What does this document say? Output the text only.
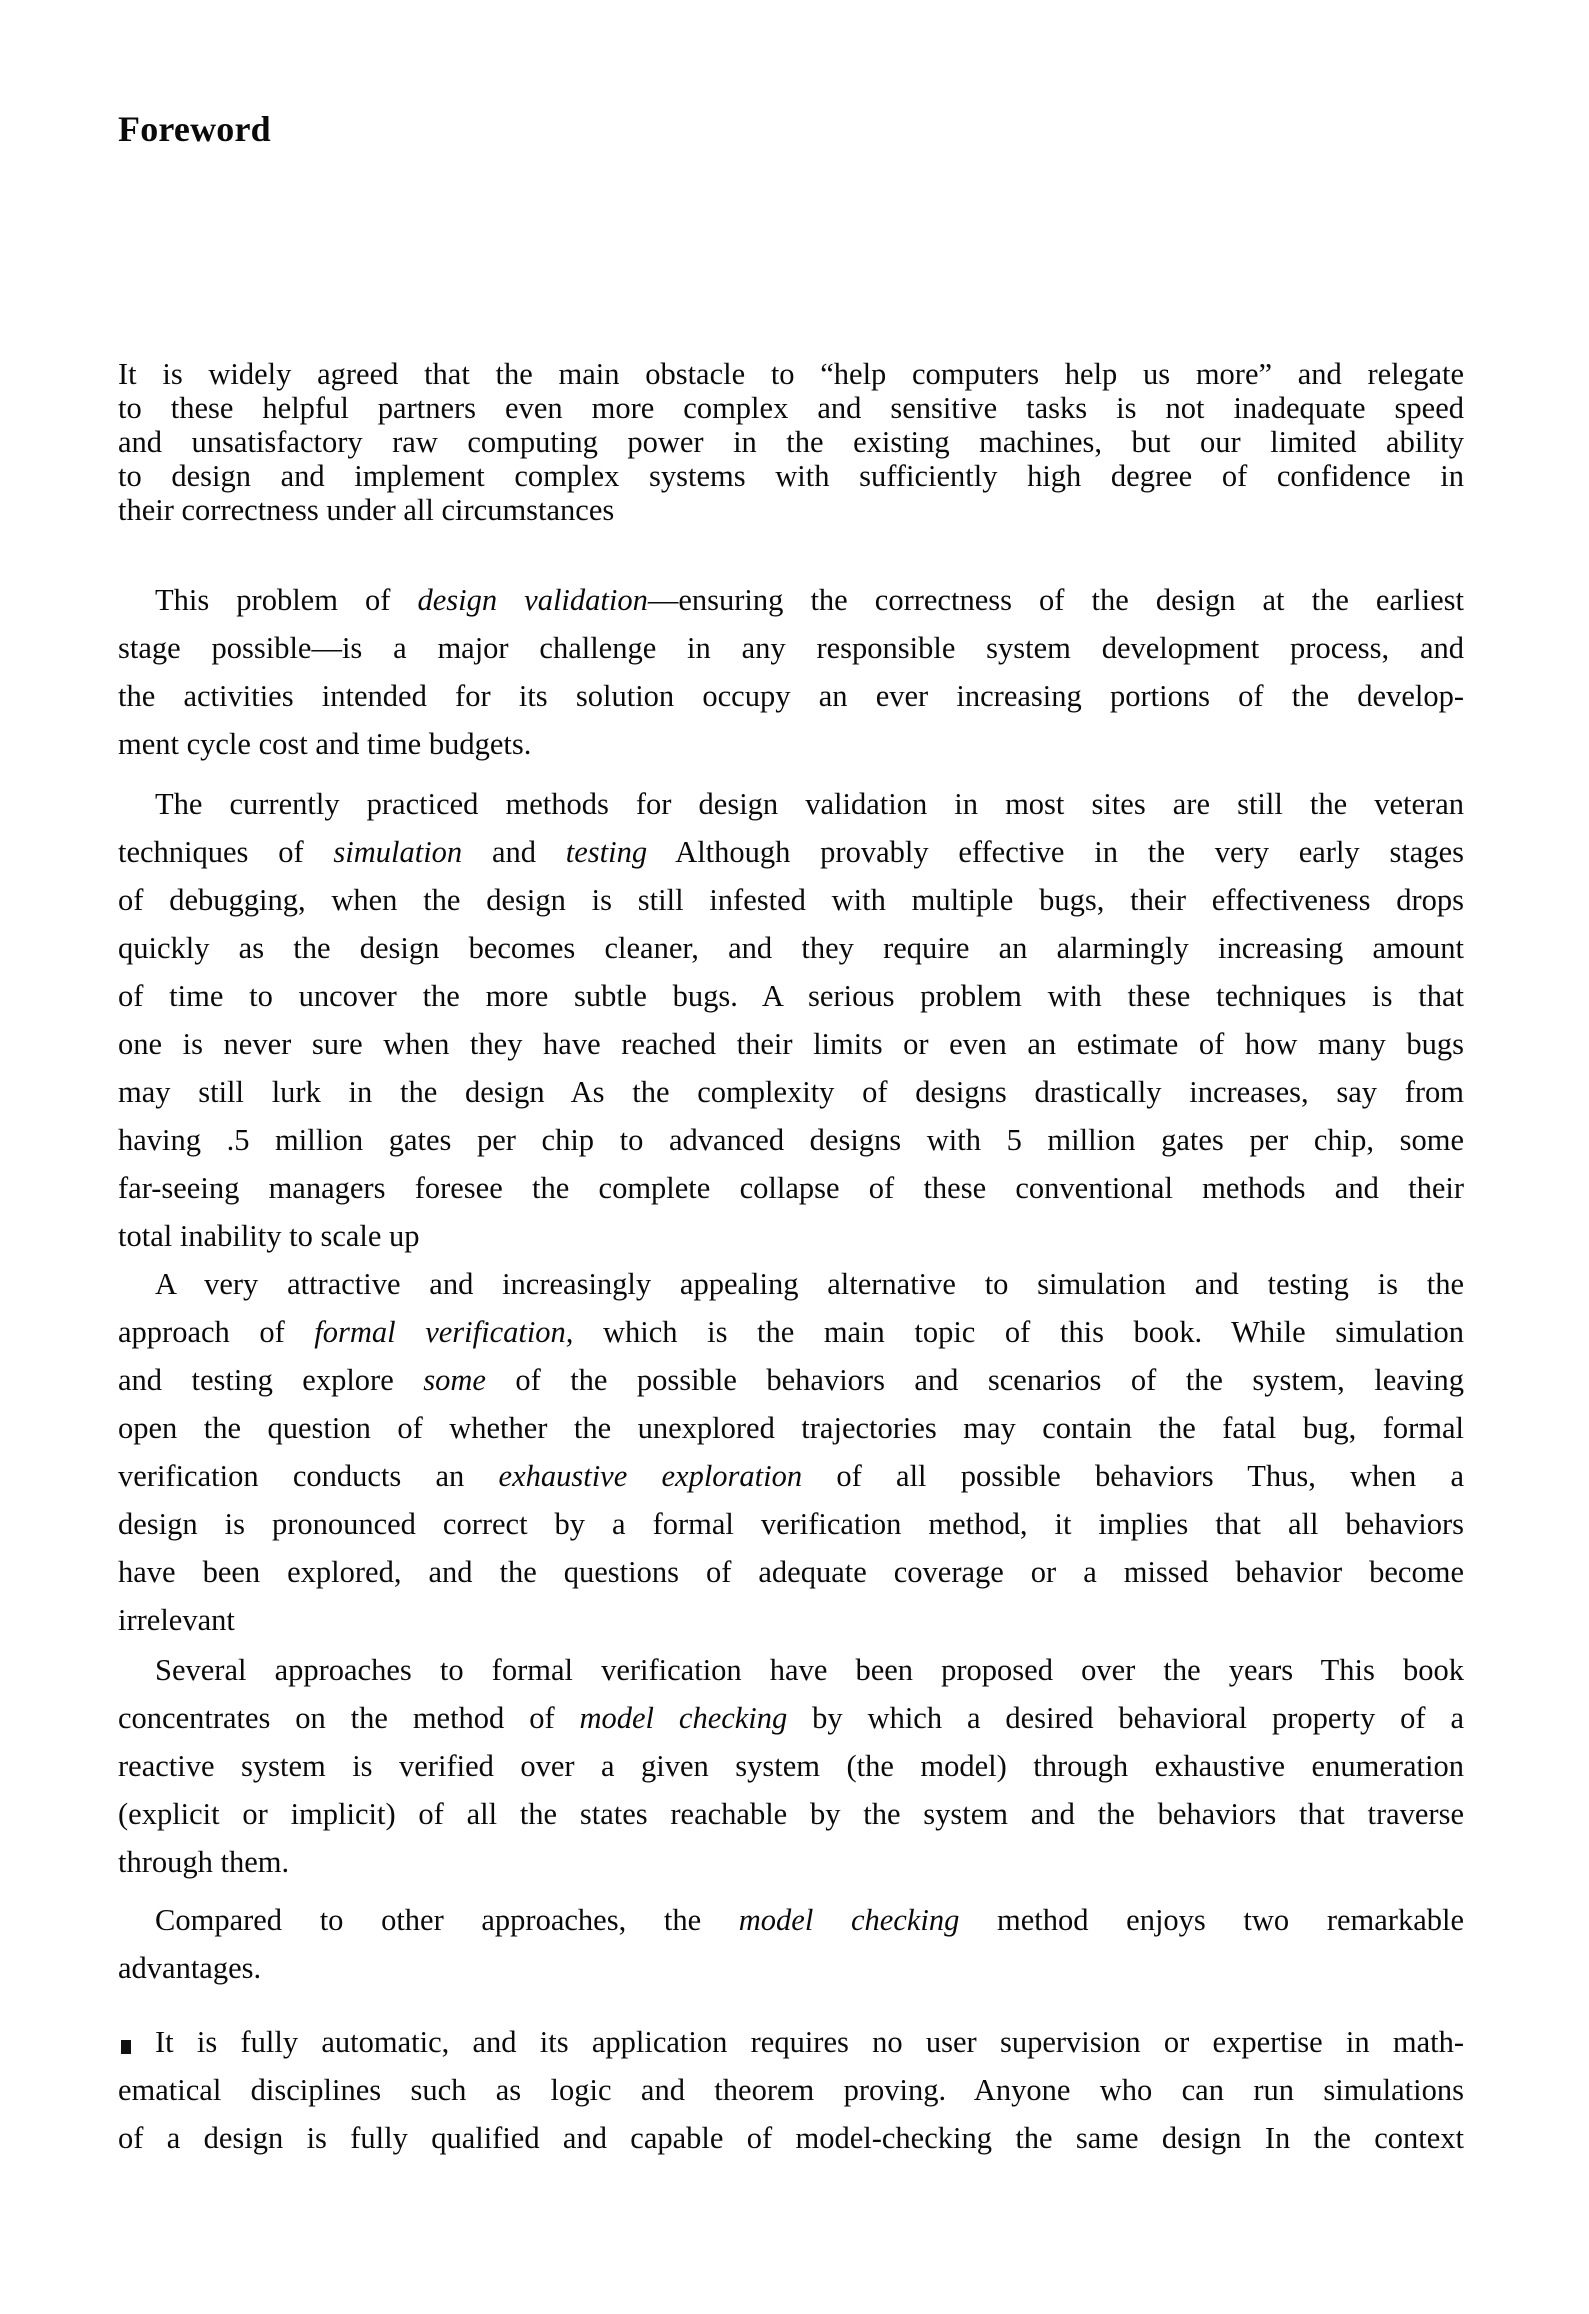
Foreword
It is widely agreed that the main obstacle to “help computers help us more” and relegate
to these helpful partners even more complex and sensitive tasks is not inadequate speed
and unsatisfactory raw computing power in the existing machines, but our limited ability
to design and implement complex systems with sufficiently high degree of confidence in
their correctness under all circumstances
This problem of design validation—ensuring the correctness of the design at the earliest
stage possible—is a major challenge in any responsible system development process, and
the activities intended for its solution occupy an ever increasing portions of the develop-
ment cycle cost and time budgets.
The currently practiced methods for design validation in most sites are still the veteran
techniques of simulation and testing Although provably effective in the very early stages
of debugging, when the design is still infested with multiple bugs, their effectiveness drops
quickly as the design becomes cleaner, and they require an alarmingly increasing amount
of time to uncover the more subtle bugs. A serious problem with these techniques is that
one is never sure when they have reached their limits or even an estimate of how many bugs
may still lurk in the design As the complexity of designs drastically increases, say from
having .5 million gates per chip to advanced designs with 5 million gates per chip, some
far-seeing managers foresee the complete collapse of these conventional methods and their
total inability to scale up
A very attractive and increasingly appealing alternative to simulation and testing is the
approach of formal verification, which is the main topic of this book. While simulation
and testing explore some of the possible behaviors and scenarios of the system, leaving
open the question of whether the unexplored trajectories may contain the fatal bug, formal
verification conducts an exhaustive exploration of all possible behaviors Thus, when a
design is pronounced correct by a formal verification method, it implies that all behaviors
have been explored, and the questions of adequate coverage or a missed behavior become
irrelevant
Several approaches to formal verification have been proposed over the years This book
concentrates on the method of model checking by which a desired behavioral property of a
reactive system is verified over a given system (the model) through exhaustive enumeration
(explicit or implicit) of all the states reachable by the system and the behaviors that traverse
through them.
Compared to other approaches, the model checking method enjoys two remarkable
advantages.
It is fully automatic, and its application requires no user supervision or expertise in math-
ematical disciplines such as logic and theorem proving. Anyone who can run simulations
of a design is fully qualified and capable of model-checking the same design In the context
